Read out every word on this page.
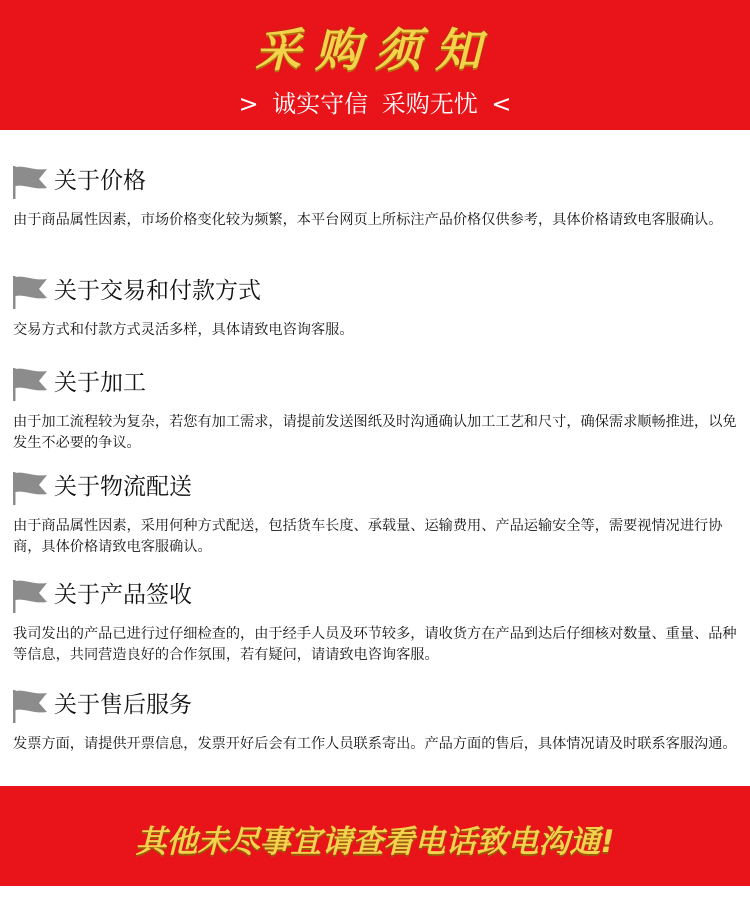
采购须知
> 诚实守信 采购无忧 <
关于价格
由于商品属性因素，市场价格变化较为频繁，本平台网页上所标注产品价格仅供参考，具体价格请致电客服确认。
关于交易和付款方式
交易方式和付款方式灵活多样，具体请致电咨询客服。
关于加工
由于加工流程较为复杂，若您有加工需求，请提前发送图纸及时沟通确认加工工艺和尺寸，确保需求顺畅推进，以免发生不必要的争议。
关于物流配送
由于商品属性因素，采用何种方式配送，包括货车长度、承载量、运输费用、产品运输安全等，需要视情况进行协商，具体价格请致电客服确认。
关于产品签收
我司发出的产品已进行过仔细检查的，由于经手人员及环节较多，请收货方在产品到达后仔细核对数量、重量、品种等信息，共同营造良好的合作氛围，若有疑问，请请致电咨询客服。
关于售后服务
发票方面，请提供开票信息，发票开好后会有工作人员联系寄出。产品方面的售后，具体情况请及时联系客服沟通。
其他未尽事宜请查看电话致电沟通!
